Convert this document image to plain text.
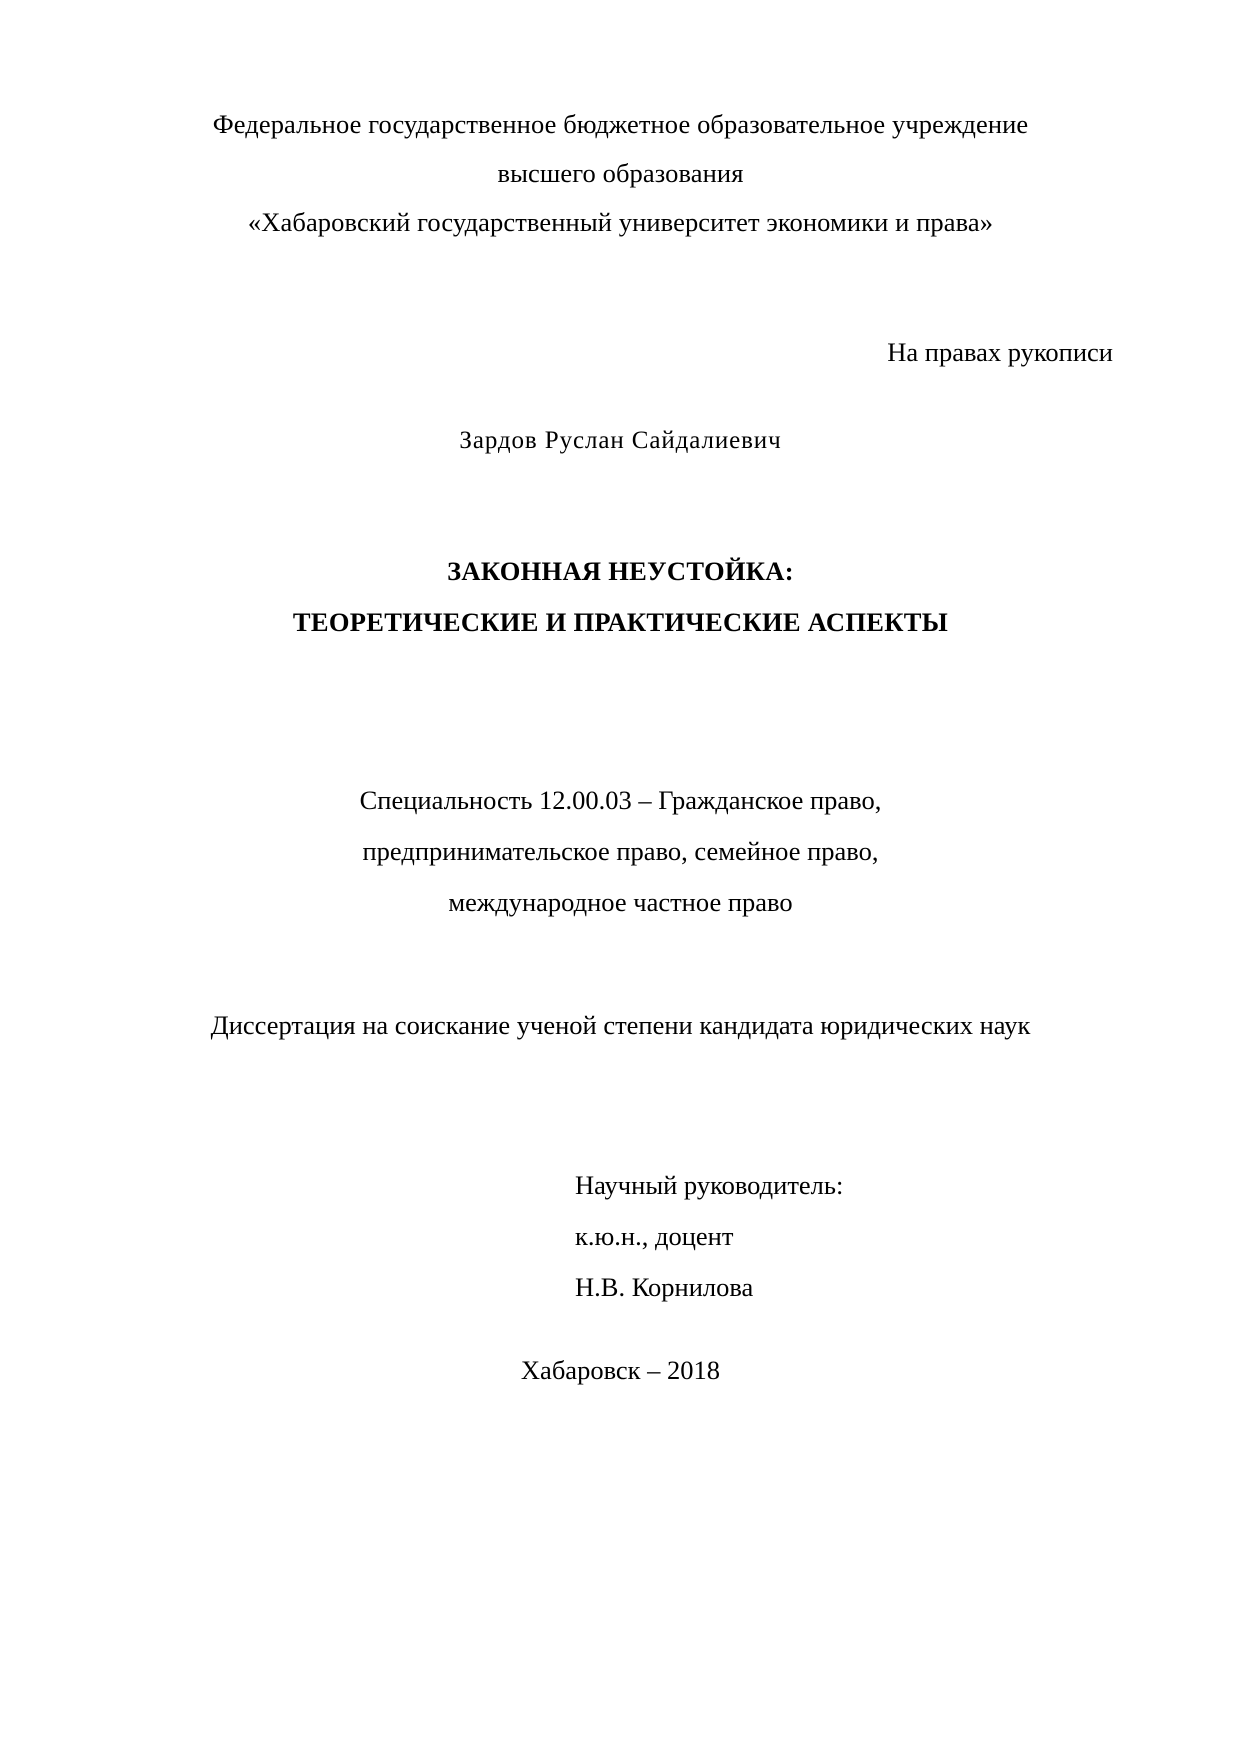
Федеральное государственное бюджетное образовательное учреждение
высшего образования
«Хабаровский государственный университет экономики и права»
На правах рукописи
Зардов Руслан Сайдалиевич
ЗАКОННАЯ НЕУСТОЙКА:
ТЕОРЕТИЧЕСКИЕ И ПРАКТИЧЕСКИЕ АСПЕКТЫ
Специальность 12.00.03 – Гражданское право,
предпринимательское право, семейное право,
международное частное право
Диссертация на соискание ученой степени кандидата юридических наук
Научный руководитель:
к.ю.н., доцент
Н.В. Корнилова
Хабаровск – 2018
